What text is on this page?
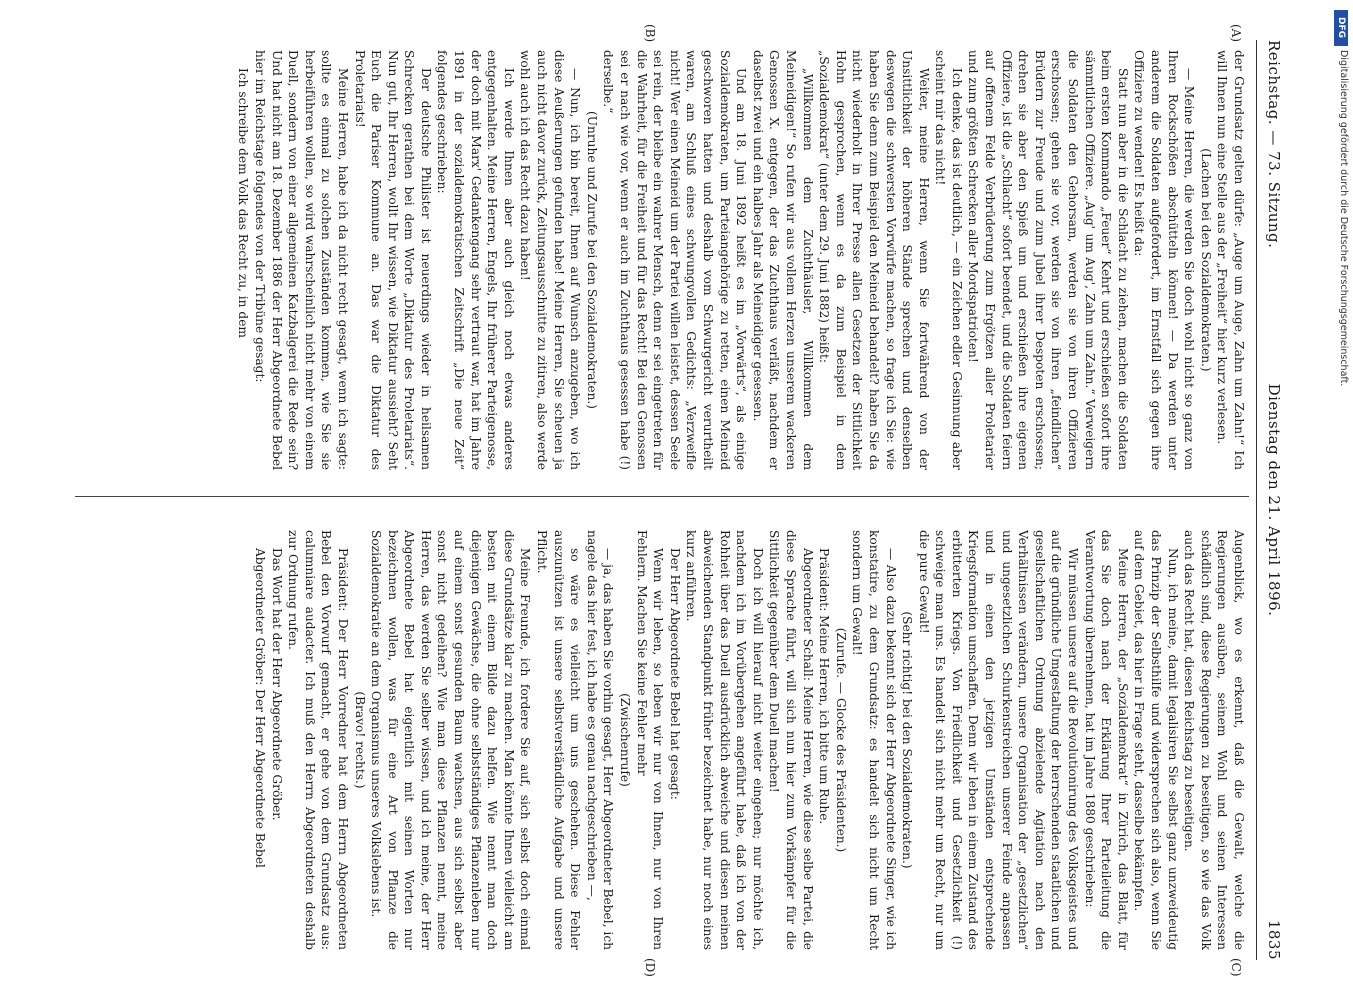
Reichstag. — 73. Sitzung.
Dienstag den 21. April 1896.
1835
(A)
(B)
(C)
(D)

der Grundsatz gelten dürfe: „Auge um Auge, Zahn um Zahn!“ Ich will Ihnen nun eine Stelle aus der „Freiheit“ hier kurz verlesen.

(Lachen bei den Sozialdemokraten.)

— Meine Herren, die werden Sie doch wohl nicht so ganz von Ihren Rockschößen abschütteln können! — Da werden unter anderem die Soldaten aufgefordert, im Ernstfall sich gegen ihre Offiziere zu wenden! Es heißt da:

Statt nun aber in die Schlacht zu ziehen, machen die Soldaten beim ersten Kommando „Feuer“ Kehrt und erschießen sofort ihre sämmtlichen Offiziere. „Aug' um Aug', Zahn um Zahn.“ Verweigern die Soldaten den Gehorsam, werden sie von ihren Offizieren erschossen; gehen sie vor, werden sie von ihren „feindlichen“ Brüdern zur Freude und zum Jubel ihrer Despoten erschossen; drehen sie aber den Spieß um und erschießen ihre eigenen Offiziere, ist die „Schlacht“ sofort beendet, und die Soldaten feiern auf offenem Felde Verbrüderung zum Ergötzen aller Proletarier und zum größten Schrecken aller Mordspatrioten!

Ich denke, das ist deutlich, — ein Zeichen edler Gesinnung aber scheint mir das nicht!

Weiter, meine Herren, wenn Sie fortwährend von der Unsittlichkeit der höheren Stände sprechen und denselben deswegen die schwersten Vorwürfe machen, so frage ich Sie: wie haben Sie denn zum Beispiel den Meineid behandelt? haben Sie da nicht wiederholt in Ihrer Presse allen Gesetzen der Sittlichkeit Hohn gesprochen, wenn es da zum Beispiel in dem „Sozialdemokrat“ (unter dem 29. Juni 1882) heißt:

„Willkommen dem Zuchthäusler, Willkommen dem Meineidigen!“ So rufen wir aus vollem Herzen unserem wackeren Genossen X. entgegen, der das Zuchthaus verläßt, nachdem er daselbst zwei und ein halbes Jahr als Meineidiger gesessen.

Und am 18. Juni 1892 heißt es im „Vorwärts“, als einige Sozialdemokraten, um Parteiangehörige zu retten, einen Meineid geschworen hatten und deshalb vom Schwurgericht verurtheilt waren, am Schluß eines schwungvollen Gedichts: „Verzweifle nicht! Wer einen Meineid um der Partei willen leistet, dessen Seele sei rein, der bleibe ein wahrer Mensch, denn er sei eingetreten für die Wahrheit, für die Freiheit und für das Recht! Bei den Genossen sei er nach wie vor, wenn er auch im Zuchthaus gesessen habe (!) derselbe.“

(Unruhe und Zurufe bei den Sozialdemokraten.)

— Nun, ich bin bereit, Ihnen auf Wunsch anzugeben, wo ich diese Aeußerungen gefunden habe! Meine Herren, Sie scheuen ja auch nicht davor zurück, Zeitungsausschnitte zu zitiren, also werde wohl auch ich das Recht dazu haben!

Ich werde Ihnen aber auch gleich noch etwas anderes entgegenhalten. Meine Herren, Engels, Ihr früherer Parteigenosse, der doch mit Marx' Gedankengang sehr vertraut war, hat im Jahre 1891 in der sozialdemokratischen Zeitschrift „Die neue Zeit“ folgendes geschrieben:

Der deutsche Philister ist neuerdings wieder in heilsamen Schrecken gerathen bei dem Worte „Diktatur des Proletariats“. Nun gut, Ihr Herren, wollt Ihr wissen, wie Diktatur aussieht? Seht Euch die Pariser Kommune an. Das war die Diktatur des Proletariats!

Meine Herren, habe ich da nicht recht gesagt, wenn ich sagte: sollte es einmal zu solchen Zuständen kommen, wie Sie sie herbeiführen wollen, so wird wahrscheinlich nicht mehr von einem Duell, sondern von einer allgemeinen Katzbalgerei die Rede sein? Und hat nicht am 18. Dezember 1886 der Herr Abgeordnete Bebel hier im Reichstage folgendes von der Tribüne gesagt:

Ich schreibe dem Volk das Recht zu, in dem

Augenblick, wo es erkennt, daß die Gewalt, welche die Regierungen ausüben, seinem Wohl und seinen Interessen schädlich sind, diese Regierungen zu beseitigen, so wie das Volk auch das Recht hat, diesen Reichstag zu beseitigen.

Nun, ich meine, damit legalisiren Sie selbst ganz unzweideutig das Prinzip der Selbsthilfe und widersprechen sich also, wenn Sie auf dem Gebiet, das hier in Frage steht, dasselbe bekämpfen.

Meine Herren, der „Sozialdemokrat“ in Zürich, das Blatt, für das Sie doch nach der Erklärung Ihrer Parteileitung die Verantwortung übernehmen, hat im Jahre 1880 geschrieben:

Wir müssen unsere auf die Revolutionirung des Volksgeistes und auf die gründliche Umgestaltung der herrschenden staatlichen und gesellschaftlichen Ordnung abzielende Agitation nach den Verhältnissen verändern, unsere Organisation der „gesetzlichen“ und ungesetzlichen Schurkenstreichen unserer Feinde anpassen und in einen den jetzigen Umständen entsprechende Kriegsformation umschaffen. Denn wir leben in einem Zustand des erbitterten Kriegs. Von Friedlichkeit und Gesetzlichkeit (!) schweige man uns. Es handelt sich nicht mehr um Recht, nur um die pure Gewalt!

(Sehr richtig! bei den Sozialdemokraten.)

— Also dazu bekennt sich der Herr Abgeordnete Singer, wie ich konstatire, zu dem Grundsatz: es handelt sich nicht um Recht sondern um Gewalt!

(Zurufe. — Glocke des Präsidenten.)

Präsident: Meine Herren, ich bitte um Ruhe.

Abgeordneter Schall: Meine Herren, wie diese selbe Partei, die diese Sprache führt, will sich nun hier zum Vorkämpfer für die Sittlichkeit gegenüber dem Duell machen!

Doch ich will hierauf nicht weiter eingehen; nur möchte ich, nachdem ich im Vorübergehen angeführt habe, daß ich von der Rohheit über das Duell ausdrücklich abweiche und diesen meinen abweichenden Standpunkt früher bezeichnet habe, nur noch eines kurz anführen.

Der Herr Abgeordnete Bebel hat gesagt:

Wenn wir leben, so leben wir nur von Ihnen, nur von Ihren Fehlern. Machen Sie keine Fehler mehr

(Zwischenrufe)

— ja, das haben Sie vorhin gesagt, Herr Abgeordneter Bebel, ich nagele das hier fest, ich habe es genau nachgeschrieben —,

so wäre es vielleicht um uns geschehen. Diese Fehler auszunützen ist unsere selbstverständliche Aufgabe und unsere Pflicht.

Meine Freunde, ich fordere Sie auf, sich selbst doch einmal diese Grundsätze klar zu machen. Man könnte Ihnen vielleicht am besten mit einem Bilde dazu helfen. Wie nennt man doch diejenigen Gewächse, die ohne selbstständiges Pflanzenleben nur auf einem sonst gesunden Baum wachsen, aus sich selbst aber sonst nicht gedeihen? Wie man diese Pflanzen nennt, meine Herren, das werden Sie selber wissen, und ich meine, der Herr Abgeordnete Bebel hat eigentlich mit seinen Worten nur bezeichnen wollen, was für eine Art von Pflanze die Sozialdemokratie an dem Organismus unseres Volkslebens ist.

(Bravo! rechts.)

Präsident: Der Herr Vorredner hat dem Herrn Abgeordneten Bebel den Vorwurf gemacht, er gehe von dem Grundsatz aus: calumniare audacter. Ich muß den Herrn Abgeordneten deshalb zur Ordnung rufen.

Das Wort hat der Herr Abgeordnete Gröber.

Abgeordneter Gröber: Der Herr Abgeordnete Bebel

DFG
Digitalisierung gefördert durch die Deutsche Forschungsgemeinschaft.
